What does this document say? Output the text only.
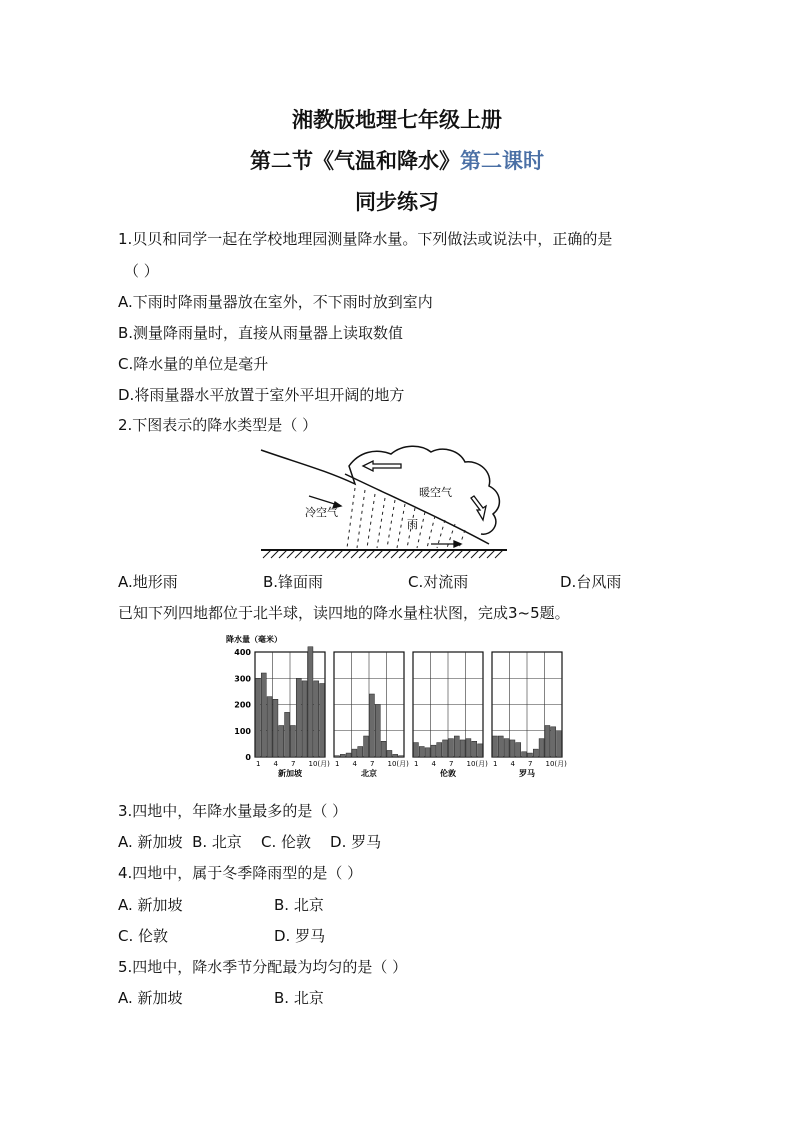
湘教版地理七年级上册
第二节《气温和降水》第二课时
同步练习
1.贝贝和同学一起在学校地理园测量降水量。下列做法或说法中，正确的是
（ ）
A.下雨时降雨量器放在室外，不下雨时放到室内
B.测量降雨量时，直接从雨量器上读取数值
C.降水量的单位是毫升
D.将雨量器水平放置于室外平坦开阔的地方
2.下图表示的降水类型是（ ）
暖空气
冷空气
雨
A.地形雨	B.锋面雨	C.对流雨	D.台风雨
已知下列四地都位于北半球，读四地的降水量柱状图，完成3~5题。
降水量（毫米）
400
300
200
100
0
1 4 7 10(月)
新加坡
1 4 7 10(月)
北京
1 4 7 10(月)
伦敦
1 4 7 10(月)
罗马
3.四地中，年降水量最多的是（ ）
A. 新加坡  B. 北京    C. 伦敦    D. 罗马
4.四地中，属于冬季降雨型的是（ ）
A. 新加坡	B. 北京
C. 伦敦	D. 罗马
5.四地中，降水季节分配最为均匀的是（ ）
A. 新加坡	B. 北京
